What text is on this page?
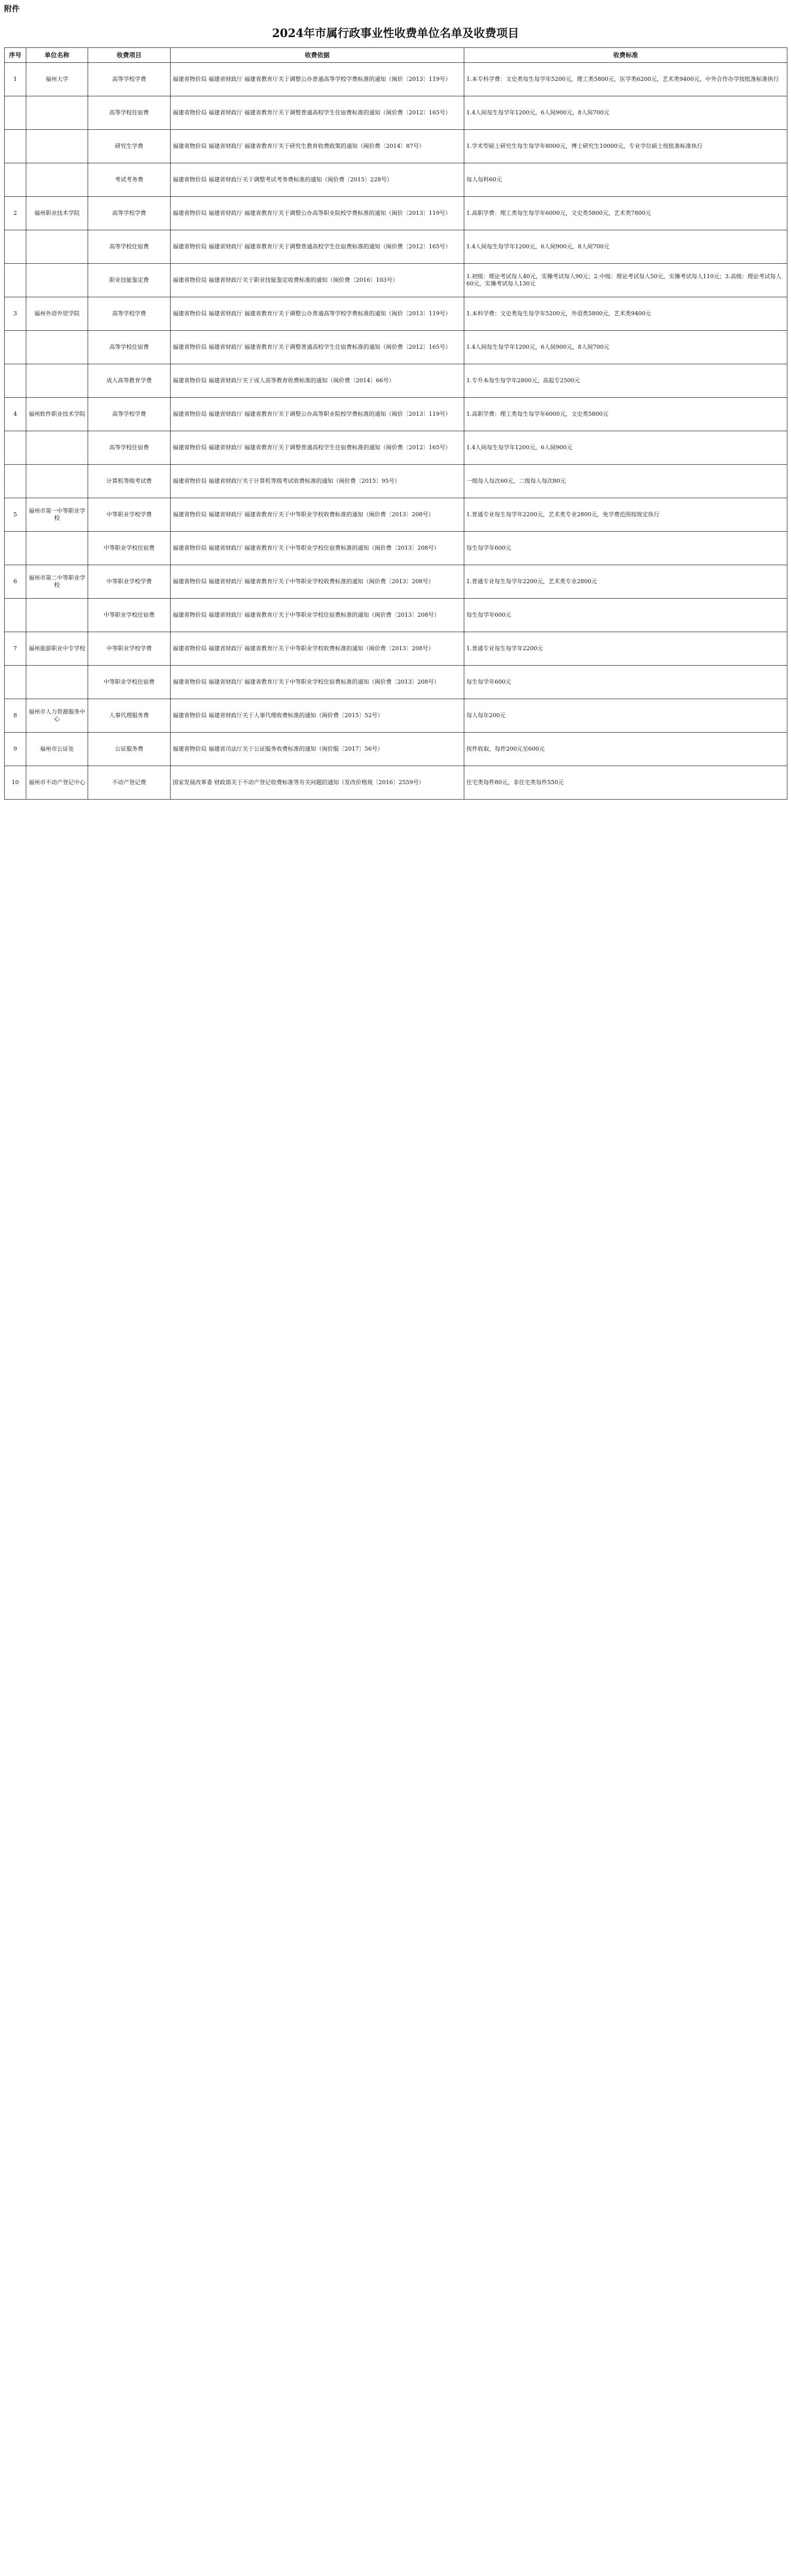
附件
2024年市属行政事业性收费单位名单及收费项目
序号	单位名称	收费项目	收费依据	收费标准
1	福州大学	高等学校学费	福建省物价局 福建省财政厅 福建省教育厅关于调整公办普通高等学校学费标准的通知（闽价〔2013〕119号）	1.本专科学费：文史类每生每学年5200元，理工类5800元，医学类6200元，艺术类9400元，中外合作办学按批准标准执行
		高等学校住宿费	福建省物价局 福建省财政厅 福建省教育厅关于调整普通高校学生住宿费标准的通知（闽价费〔2012〕165号）	1.4人间每生每学年1200元，6人间900元，8人间700元
		研究生学费	福建省物价局 福建省财政厅 福建省教育厅关于研究生教育收费政策的通知（闽价费〔2014〕87号）	1.学术型硕士研究生每生每学年8000元，博士研究生10000元，专业学位硕士按批准标准执行
		考试考务费	福建省物价局 福建省财政厅关于调整考试考务费标准的通知（闽价费〔2015〕228号）	每人每科60元
2	福州职业技术学院	高等学校学费	福建省物价局 福建省财政厅 福建省教育厅关于调整公办高等职业院校学费标准的通知（闽价〔2013〕119号）	1.高职学费：理工类每生每学年6000元，文史类5800元，艺术类7800元
		高等学校住宿费	福建省物价局 福建省财政厅 福建省教育厅关于调整普通高校学生住宿费标准的通知（闽价费〔2012〕165号）	1.4人间每生每学年1200元，6人间900元，8人间700元
		职业技能鉴定费	福建省物价局 福建省财政厅关于职业技能鉴定收费标准的通知（闽价费〔2016〕103号）	1.初级：理论考试每人40元，实操考试每人90元；2.中级：理论考试每人50元，实操考试每人110元；3.高级：理论考试每人60元，实操考试每人130元
3	福州外语外贸学院	高等学校学费	福建省物价局 福建省财政厅 福建省教育厅关于调整公办普通高等学校学费标准的通知（闽价〔2013〕119号）	1.本科学费：文史类每生每学年5200元，外语类5800元，艺术类9400元
		高等学校住宿费	福建省物价局 福建省财政厅 福建省教育厅关于调整普通高校学生住宿费标准的通知（闽价费〔2012〕165号）	1.4人间每生每学年1200元，6人间900元，8人间700元
		成人高等教育学费	福建省物价局 福建省财政厅关于成人高等教育收费标准的通知（闽价费〔2014〕66号）	1.专升本每生每学年2800元，高起专2500元
4	福州软件职业技术学院	高等学校学费	福建省物价局 福建省财政厅 福建省教育厅关于调整公办高等职业院校学费标准的通知（闽价〔2013〕119号）	1.高职学费：理工类每生每学年6000元，文史类5800元
		高等学校住宿费	福建省物价局 福建省财政厅 福建省教育厅关于调整普通高校学生住宿费标准的通知（闽价费〔2012〕165号）	1.4人间每生每学年1200元，6人间900元
		计算机等级考试费	福建省物价局 福建省财政厅关于计算机等级考试收费标准的通知（闽价费〔2015〕95号）	一级每人每次60元，二级每人每次80元
5	福州市第一中等职业学校	中等职业学校学费	福建省物价局 福建省财政厅 福建省教育厅关于中等职业学校收费标准的通知（闽价费〔2013〕208号）	1.普通专业每生每学年2200元，艺术类专业2800元，免学费范围按规定执行
		中等职业学校住宿费	福建省物价局 福建省财政厅 福建省教育厅关于中等职业学校住宿费标准的通知（闽价费〔2013〕208号）	每生每学年600元
6	福州市第二中等职业学校	中等职业学校学费	福建省物价局 福建省财政厅 福建省教育厅关于中等职业学校收费标准的通知（闽价费〔2013〕208号）	1.普通专业每生每学年2200元，艺术类专业2800元
		中等职业学校住宿费	福建省物价局 福建省财政厅 福建省教育厅关于中等职业学校住宿费标准的通知（闽价费〔2013〕208号）	每生每学年600元
7	福州旅游职业中专学校	中等职业学校学费	福建省物价局 福建省财政厅 福建省教育厅关于中等职业学校收费标准的通知（闽价费〔2013〕208号）	1.普通专业每生每学年2200元
		中等职业学校住宿费	福建省物价局 福建省财政厅 福建省教育厅关于中等职业学校住宿费标准的通知（闽价费〔2013〕208号）	每生每学年600元
8	福州市人力资源服务中心	人事代理服务费	福建省物价局 福建省财政厅关于人事代理收费标准的通知（闽价费〔2015〕52号）	每人每年200元
9	福州市公证处	公证服务费	福建省物价局 福建省司法厅关于公证服务收费标准的通知（闽价服〔2017〕56号）	按件收取，每件200元至600元
10	福州市不动产登记中心	不动产登记费	国家发展改革委 财政部关于不动产登记收费标准等有关问题的通知（发改价格规〔2016〕2559号）	住宅类每件80元，非住宅类每件550元
